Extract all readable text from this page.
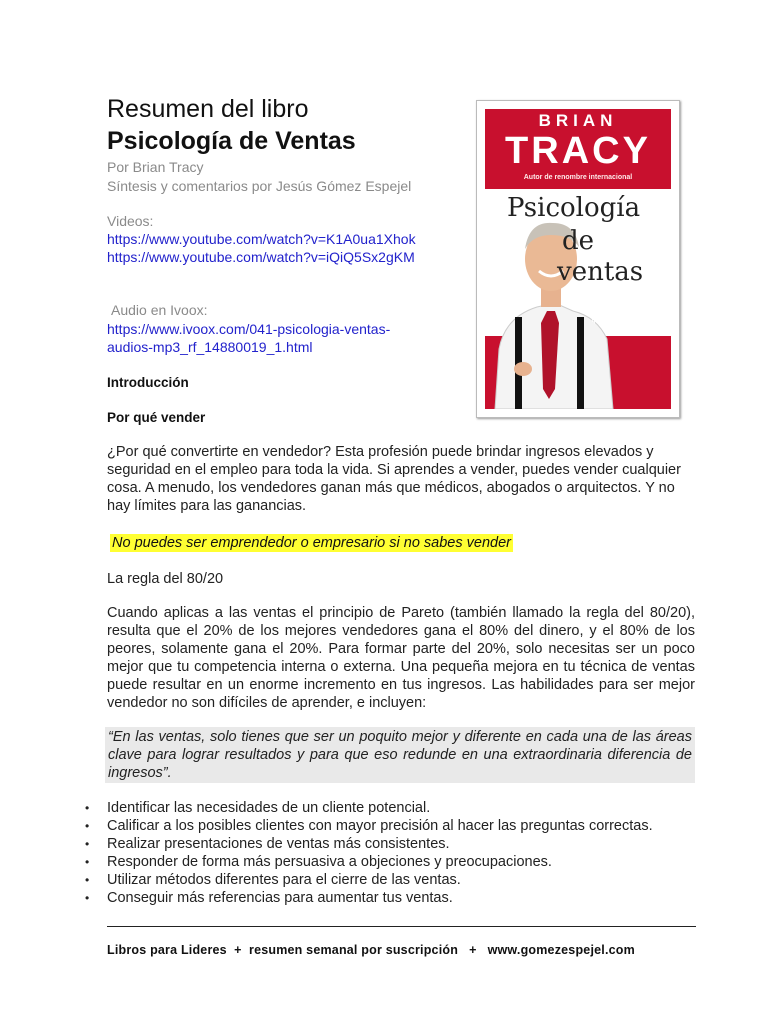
Resumen del libro
Psicología de Ventas
Por Brian Tracy
Síntesis y comentarios por Jesús Gómez Espejel
Videos:
https://www.youtube.com/watch?v=K1A0ua1Xhok
https://www.youtube.com/watch?v=iQiQ5Sx2gKM
Audio en Ivoox:
https://www.ivoox.com/041-psicologia-ventas-
audios-mp3_rf_14880019_1.html
BRIAN
TRACY
Autor de renombre internacional
Psicología
de
ventas
Cómo vender más, más fácil y rápidamente de lo que alguna vez pensaste posible.
Introducción
Por qué vender
¿Por qué convertirte en vendedor? Esta profesión puede brindar ingresos elevados y seguridad en el empleo para toda la vida. Si aprendes a vender, puedes vender cualquier cosa. A menudo, los vendedores ganan más que médicos, abogados o arquitectos. Y no hay límites para las ganancias.
No puedes ser emprendedor o empresario si no sabes vender
La regla del 80/20
Cuando aplicas a las ventas el principio de Pareto (también llamado la regla del 80/20), resulta que el 20% de los mejores vendedores gana el 80% del dinero, y el 80% de los peores, solamente gana el 20%. Para formar parte del 20%, solo necesitas ser un poco mejor que tu competencia interna o externa. Una pequeña mejora en tu técnica de ventas puede resultar en un enorme incremento en tus ingresos. Las habilidades para ser mejor vendedor no son difíciles de aprender, e incluyen:
“En las ventas, solo tienes que ser un poquito mejor y diferente en cada una de las áreas clave para lograr resultados y para que eso redunde en una extraordinaria diferencia de ingresos”.
• Identificar las necesidades de un cliente potencial.
• Calificar a los posibles clientes con mayor precisión al hacer las preguntas correctas.
• Realizar presentaciones de ventas más consistentes.
• Responder de forma más persuasiva a objeciones y preocupaciones.
• Utilizar métodos diferentes para el cierre de las ventas.
• Conseguir más referencias para aumentar tus ventas.
Libros para Lideres  +  resumen semanal por suscripción   +   www.gomezespejel.com
